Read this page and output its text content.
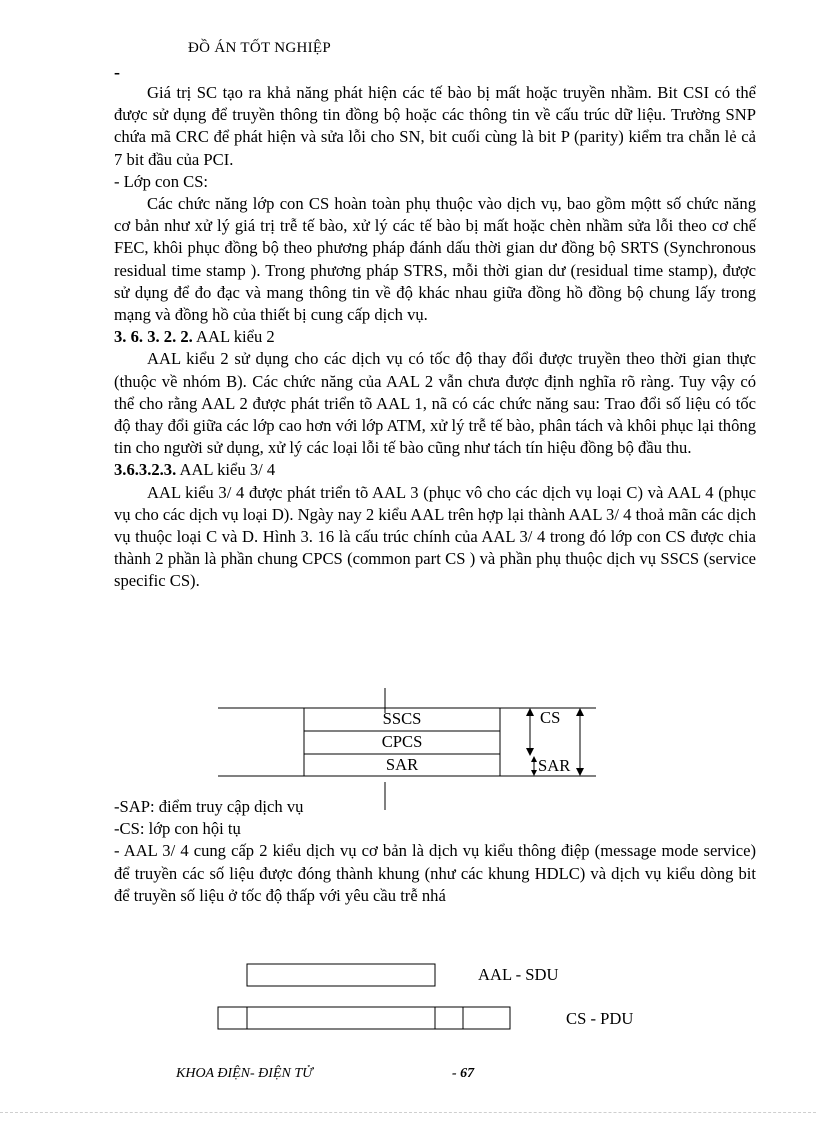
ĐỒ ÁN TỐT NGHIỆP
-

Giá trị SC tạo ra khả năng phát hiện các tế bào bị mất hoặc truyền nhầm. Bit CSI có thể được sử dụng để truyền thông tin đồng bộ hoặc các thông tin về cấu trúc dữ liệu. Trường SNP chứa mã CRC để phát hiện và sửa lỗi cho SN, bit cuối cùng là bit P (parity) kiểm tra chẵn lẻ cả 7 bit đầu của PCI.

- Lớp con CS:

Các chức năng lớp con CS hoàn toàn phụ thuộc vào dịch vụ, bao gồm mộtt số chức năng cơ bản như xử lý giá trị trễ tế bào, xử lý các tế bào bị mất hoặc chèn nhầm sửa lỗi theo cơ chế FEC, khôi phục đồng bộ theo phương pháp đánh dấu thời gian dư đồng bộ SRTS (Synchronous residual time stamp ). Trong phương pháp STRS, mỗi thời gian dư (residual time stamp), được sử dụng để đo đạc và mang thông tin về độ khác nhau giữa đồng hồ đồng bộ chung lấy trong mạng và đồng hồ của thiết bị cung cấp dịch vụ.

3. 6. 3. 2. 2. AAL kiểu 2

AAL kiểu 2 sử dụng cho các dịch vụ có tốc độ thay đổi được truyền theo thời gian thực (thuộc về nhóm B). Các chức năng của AAL 2 vẫn chưa được định nghĩa rõ ràng. Tuy vậy có thể cho rằng AAL 2 được phát triển tõ AAL 1, nã có các chức năng sau: Trao đổi số liệu có tốc độ thay đổi giữa các lớp cao hơn với lớp ATM, xử lý trễ tế bào, phân tách và khôi phục lại thông tin cho người sử dụng, xử lý các loại lỗi tế bào cũng như tách tín hiệu đồng bộ đầu thu.

3.6.3.2.3. AAL kiểu 3/ 4

AAL kiểu 3/ 4 được phát triển tõ AAL 3 (phục vô cho các dịch vụ loại C) và AAL 4 (phục vụ cho các dịch vụ loại D). Ngày nay 2 kiểu AAL trên hợp lại thành AAL 3/ 4 thoả mãn các dịch vụ thuộc loại C và D. Hình 3. 16 là cấu trúc chính của AAL 3/ 4 trong đó lớp con CS được chia thành 2 phần là phần chung CPCS (common part CS ) và phần phụ thuộc dịch vụ SSCS (service specific CS).

SSCS
CPCS
SAR
CS
SAR

-SAP: điểm truy cập dịch vụ

-CS: lớp con hội tụ

- AAL 3/ 4 cung cấp 2 kiểu dịch vụ cơ bản là dịch vụ kiểu thông điệp (message mode service) để truyền các số liệu được đóng thành khung (như các khung HDLC) và dịch vụ kiểu dòng bit để truyền số liệu ở tốc độ thấp với yêu cầu trễ nhá

AAL - SDU
CS - PDU
KHOA ĐIỆN- ĐIỆN TỬ	- 67
